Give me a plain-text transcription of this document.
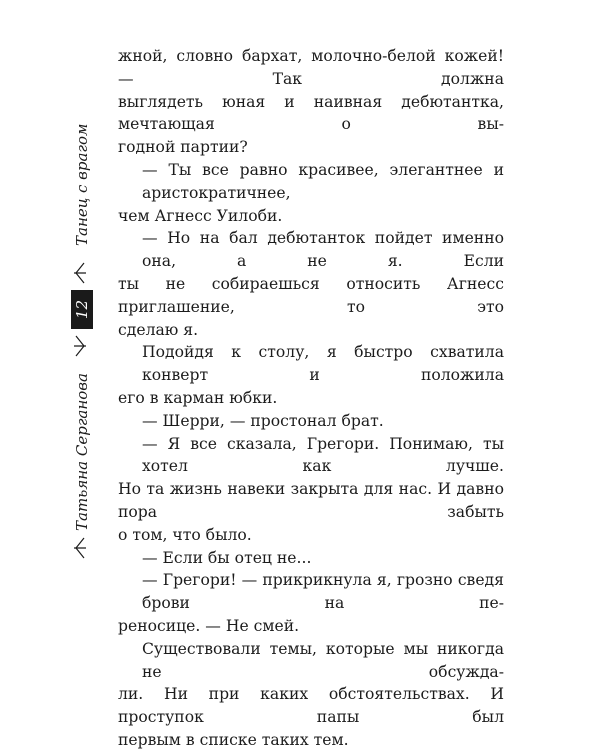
жной, словно бархат, молочно-белой кожей! — Так должна

выглядеть юная и наивная дебютантка, мечтающая о вы-

годной партии?

— Ты все равно красивее, элегантнее и аристократичнее,

чем Агнесс Уилоби.

— Но на бал дебютанток пойдет именно она, а не я. Если

ты не собираешься относить Агнесс приглашение, то это

сделаю я.

Подойдя к столу, я быстро схватила конверт и положила

его в карман юбки.

— Шерри, — простонал брат.

— Я все сказала, Грегори. Понимаю, ты хотел как лучше.

Но та жизнь навеки закрыта для нас. И давно пора забыть

о том, что было.

— Если бы отец не...

— Грегори! — прикрикнула я, грозно сведя брови на пе-

реносице. — Не смей.

Существовали темы, которые мы никогда не обсужда-

ли. Ни при каких обстоятельствах. И проступок папы был

первым в списке таких тем.

Татьяна Серганова
12
Танец с врагом
